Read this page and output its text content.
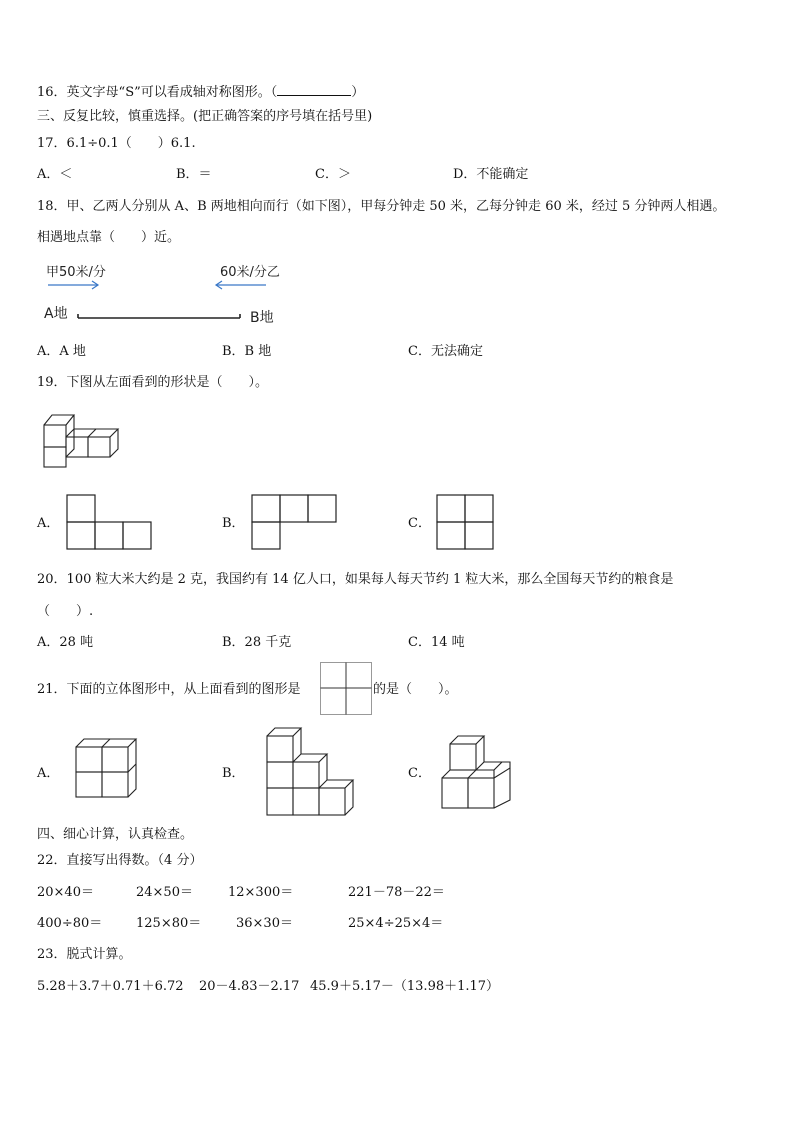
16．英文字母“S”可以看成轴对称图形。（	）
三、反复比较，慎重选择。(把正确答案的序号填在括号里)
17．6.1÷0.1（　　）6.1.
A．＜	B．＝	C．＞	D．不能确定
18．甲、乙两人分别从 A、B 两地相向而行（如下图），甲每分钟走 50 米，乙每分钟走 60 米，经过 5 分钟两人相遇。
相遇地点靠（　　）近。
甲50米/分	60米/分乙
A地	B地
A．A 地	B．B 地	C．无法确定
19．下图从左面看到的形状是（　　）。
A．	B．	C．
20．100 粒大米大约是 2 克，我国约有 14 亿人口，如果每人每天节约 1 粒大米，那么全国每天节约的粮食是
（　　）.
A．28 吨	B．28 千克	C．14 吨
21．下面的立体图形中，从上面看到的图形是	的是（　　）。
A．	B．	C．
四、细心计算，认真检查。
22．直接写出得数。（4 分）
20×40＝	24×50＝	12×300＝	221－78－22＝
400÷80＝	125×80＝	36×30＝	25×4÷25×4＝
23．脱式计算。
5.28＋3.7＋0.71＋6.72 20－4.83－2.17 45.9＋5.17－（13.98＋1.17）
